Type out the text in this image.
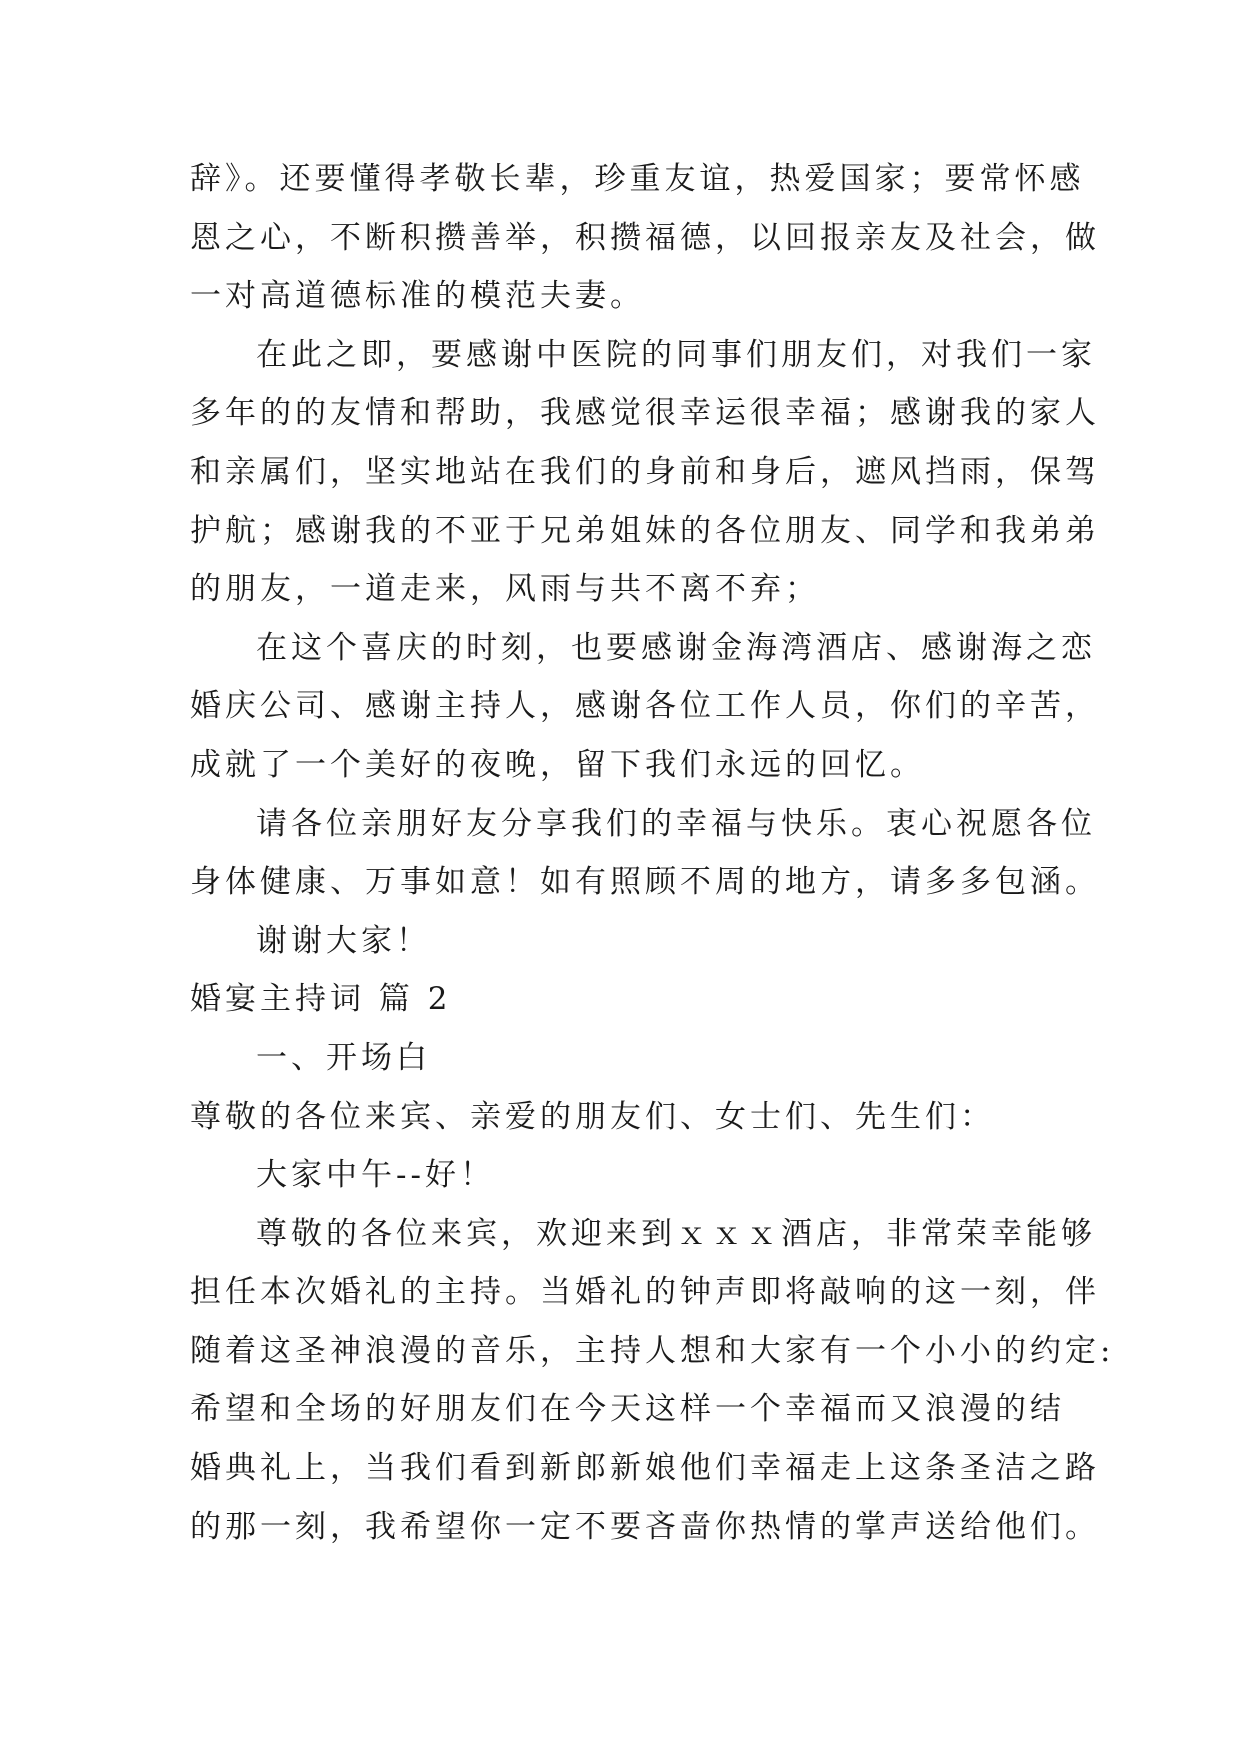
辞》。还要懂得孝敬长辈，珍重友谊，热爱国家；要常怀感
恩之心，不断积攒善举，积攒福德，以回报亲友及社会，做
一对高道德标准的模范夫妻。
在此之即，要感谢中医院的同事们朋友们，对我们一家
多年的的友情和帮助，我感觉很幸运很幸福；感谢我的家人
和亲属们，坚实地站在我们的身前和身后，遮风挡雨，保驾
护航；感谢我的不亚于兄弟姐妹的各位朋友、同学和我弟弟
的朋友，一道走来，风雨与共不离不弃；
在这个喜庆的时刻，也要感谢金海湾酒店、感谢海之恋
婚庆公司、感谢主持人，感谢各位工作人员，你们的辛苦，
成就了一个美好的夜晚，留下我们永远的回忆。
请各位亲朋好友分享我们的幸福与快乐。衷心祝愿各位
身体健康、万事如意！如有照顾不周的地方，请多多包涵。
谢谢大家！
婚宴主持词 篇 2
一、开场白
尊敬的各位来宾、亲爱的朋友们、女士们、先生们：
大家中午--好！
尊敬的各位来宾，欢迎来到ｘｘｘ酒店，非常荣幸能够
担任本次婚礼的主持。当婚礼的钟声即将敲响的这一刻，伴
随着这圣神浪漫的音乐，主持人想和大家有一个小小的约定:
希望和全场的好朋友们在今天这样一个幸福而又浪漫的结
婚典礼上，当我们看到新郎新娘他们幸福走上这条圣洁之路
的那一刻，我希望你一定不要吝啬你热情的掌声送给他们。
